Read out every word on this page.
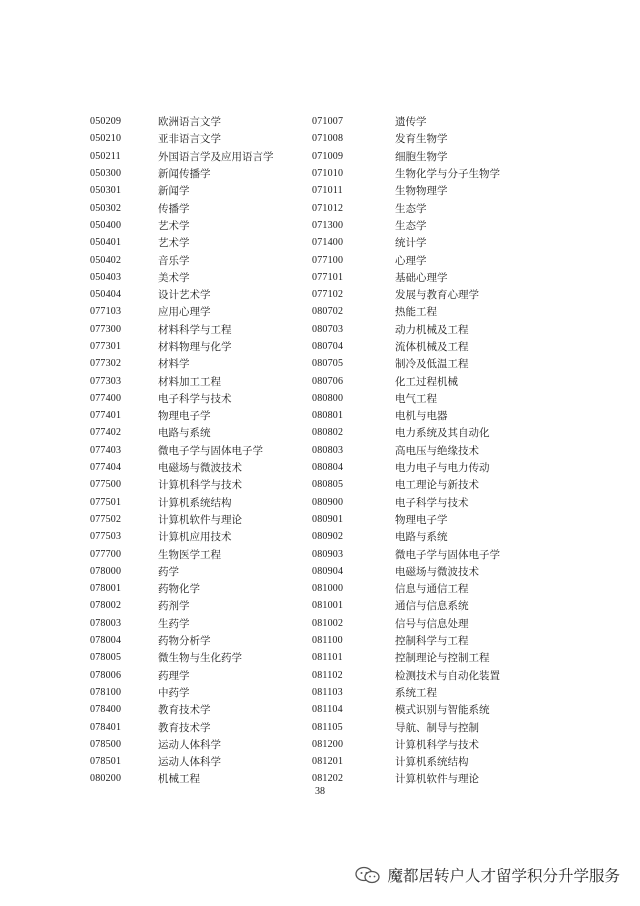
050209	欧洲语言文学
050210	亚非语言文学
050211	外国语言学及应用语言学
050300	新闻传播学
050301	新闻学
050302	传播学
050400	艺术学
050401	艺术学
050402	音乐学
050403	美术学
050404	设计艺术学
077103	应用心理学
077300	材料科学与工程
077301	材料物理与化学
077302	材料学
077303	材料加工工程
077400	电子科学与技术
077401	物理电子学
077402	电路与系统
077403	微电子学与固体电子学
077404	电磁场与微波技术
077500	计算机科学与技术
077501	计算机系统结构
077502	计算机软件与理论
077503	计算机应用技术
077700	生物医学工程
078000	药学
078001	药物化学
078002	药剂学
078003	生药学
078004	药物分析学
078005	微生物与生化药学
078006	药理学
078100	中药学
078400	教育技术学
078401	教育技术学
078500	运动人体科学
078501	运动人体科学
080200	机械工程
071007	遗传学
071008	发育生物学
071009	细胞生物学
071010	生物化学与分子生物学
071011	生物物理学
071012	生态学
071300	生态学
071400	统计学
077100	心理学
077101	基础心理学
077102	发展与教育心理学
080702	热能工程
080703	动力机械及工程
080704	流体机械及工程
080705	制冷及低温工程
080706	化工过程机械
080800	电气工程
080801	电机与电器
080802	电力系统及其自动化
080803	高电压与绝缘技术
080804	电力电子与电力传动
080805	电工理论与新技术
080900	电子科学与技术
080901	物理电子学
080902	电路与系统
080903	微电子学与固体电子学
080904	电磁场与微波技术
081000	信息与通信工程
081001	通信与信息系统
081002	信号与信息处理
081100	控制科学与工程
081101	控制理论与控制工程
081102	检测技术与自动化装置
081103	系统工程
081104	模式识别与智能系统
081105	导航、制导与控制
081200	计算机科学与技术
081201	计算机系统结构
081202	计算机软件与理论
38
魔都居转户人才留学积分升学服务
